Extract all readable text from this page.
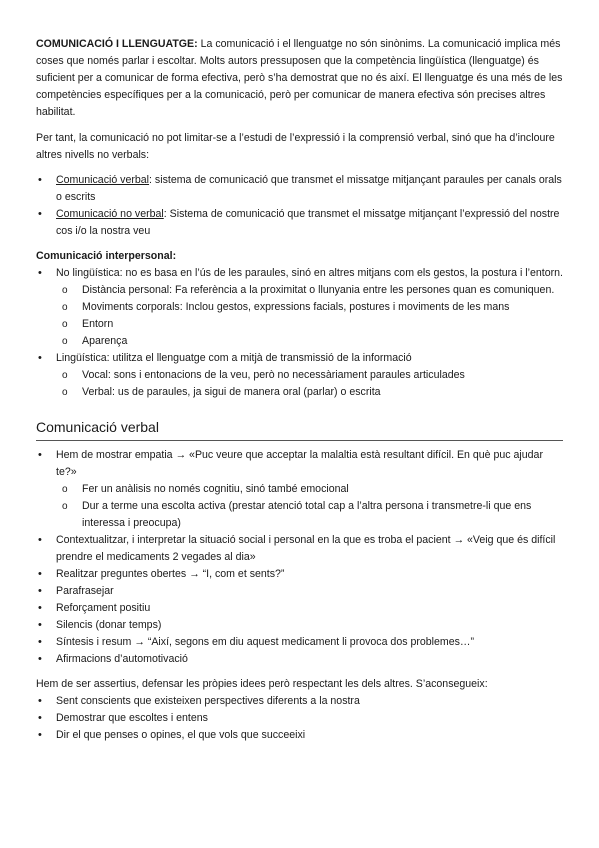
COMUNICACIÓ I LLENGUATGE: La comunicació i el llenguatge no són sinònims. La comunicació implica més coses que només parlar i escoltar. Molts autors pressuposen que la competència lingüística (llenguatge) és suficient per a comunicar de forma efectiva, però s’ha demostrat que no és així. El llenguatge és una més de les competències específiques per a la comunicació, però per comunicar de manera efectiva són precises altres habilitat.

Per tant, la comunicació no pot limitar-se a l’estudi de l’expressió i la comprensió verbal, sinó que ha d’incloure altres nivells no verbals:

• Comunicació verbal: sistema de comunicació que transmet el missatge mitjançant paraules per canals orals o escrits
• Comunicació no verbal: Sistema de comunicació que transmet el missatge mitjançant l’expressió del nostre cos i/o la nostra veu

Comunicació interpersonal:

• No lingüística: no es basa en l’ús de les paraules, sinó en altres mitjans com els gestos, la postura i l’entorn.
o Distància personal: Fa referència a la proximitat o llunyania entre les persones quan es comuniquen.
o Moviments corporals: Inclou gestos, expressions facials, postures i moviments de les mans
o Entorn
o Aparença
• Lingüística: utilitza el llenguatge com a mitjà de transmissió de la informació
o Vocal: sons i entonacions de la veu, però no necessàriament paraules articulades
o Verbal: us de paraules, ja sigui de manera oral (parlar) o escrita
Comunicació verbal
• Hem de mostrar empatia → «Puc veure que acceptar la malaltia està resultant difícil. En què puc ajudar te?»
o Fer un anàlisis no només cognitiu, sinó també emocional
o Dur a terme una escolta activa (prestar atenció total cap a l’altra persona i transmetre-li que ens interessa i preocupa)
• Contextualitzar, i interpretar la situació social i personal en la que es troba el pacient → «Veig que és difícil prendre el medicaments 2 vegades al dia»
• Realitzar preguntes obertes → “I, com et sents?”
• Parafrasejar
• Reforçament positiu
• Silencis (donar temps)
• Síntesis i resum → “Així, segons em diu aquest medicament li provoca dos problemes…”
• Afirmacions d’automotivació

Hem de ser assertius, defensar les pròpies idees però respectant les dels altres. S’aconsegueix:

• Sent conscients que existeixen perspectives diferents a la nostra
• Demostrar que escoltes i entens
• Dir el que penses o opines, el que vols que succeeixi
